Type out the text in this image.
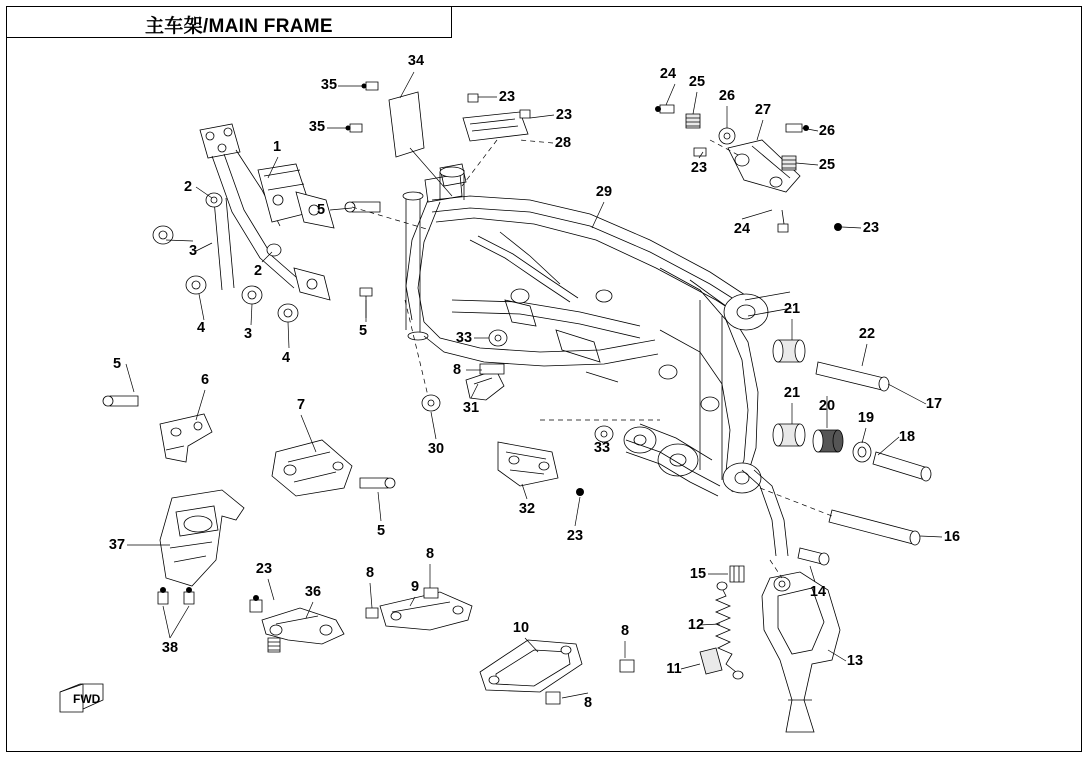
主车架/MAIN FRAME
FWD
34
35
23
23
24 25
26
27
26
35
28
25
23
1
2	29
5
24	23
3
2
4	3
4
5	33
21
22
5
6
8
21
20
19
17
18
7	31
30	33
32
23
5	16
37
8
15
14
8
23
36	9
12
10	8
38
11	13
8
